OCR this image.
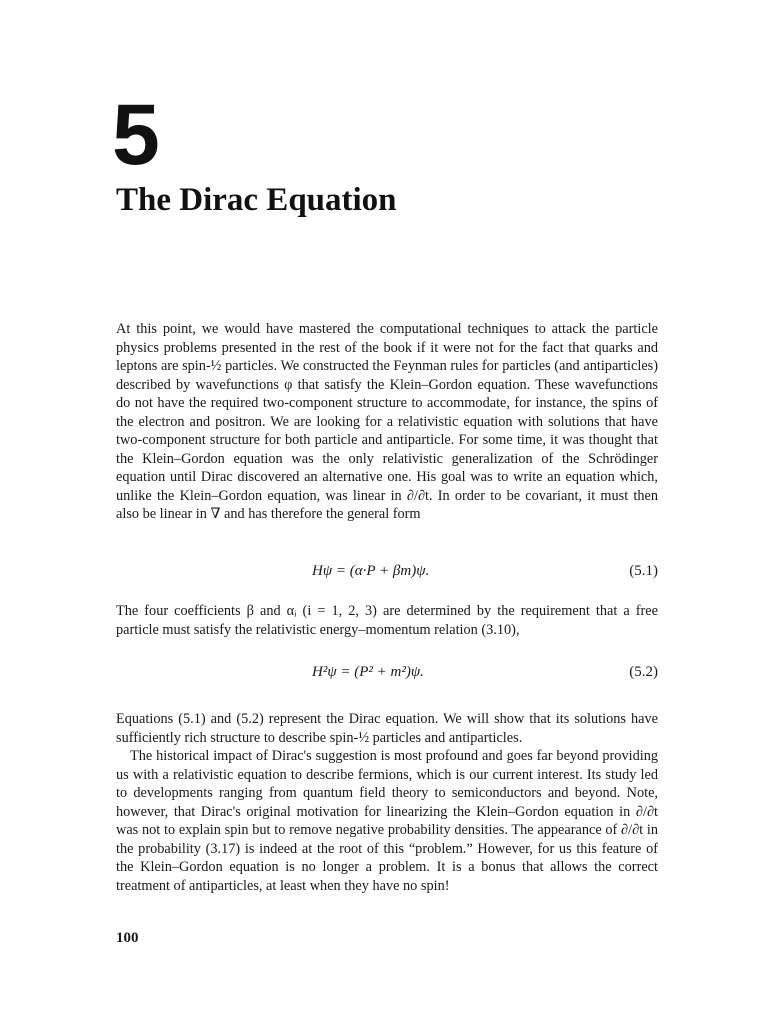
5
The Dirac Equation

At this point, we would have mastered the computational techniques to attack the particle physics problems presented in the rest of the book if it were not for the fact that quarks and leptons are spin-½ particles. We constructed the Feynman rules for particles (and antiparticles) described by wavefunctions φ that satisfy the Klein–Gordon equation. These wavefunctions do not have the required two-component structure to accommodate, for instance, the spins of the electron and positron. We are looking for a relativistic equation with solutions that have two-component structure for both particle and antiparticle. For some time, it was thought that the Klein–Gordon equation was the only relativistic generalization of the Schrödinger equation until Dirac discovered an alternative one. His goal was to write an equation which, unlike the Klein–Gordon equation, was linear in ∂/∂t. In order to be covariant, it must then also be linear in ∇ and has therefore the general form

Hψ = (α·P + βm)ψ.	(5.1)

The four coefficients β and αᵢ (i = 1, 2, 3) are determined by the requirement that a free particle must satisfy the relativistic energy–momentum relation (3.10),

H²ψ = (P² + m²)ψ.	(5.2)

Equations (5.1) and (5.2) represent the Dirac equation. We will show that its solutions have sufficiently rich structure to describe spin-½ particles and antiparticles.

The historical impact of Dirac's suggestion is most profound and goes far beyond providing us with a relativistic equation to describe fermions, which is our current interest. Its study led to developments ranging from quantum field theory to semiconductors and beyond. Note, however, that Dirac's original motivation for linearizing the Klein–Gordon equation in ∂/∂t was not to explain spin but to remove negative probability densities. The appearance of ∂/∂t in the probability (3.17) is indeed at the root of this “problem.” However, for us this feature of the Klein–Gordon equation is no longer a problem. It is a bonus that allows the correct treatment of antiparticles, at least when they have no spin!

100
